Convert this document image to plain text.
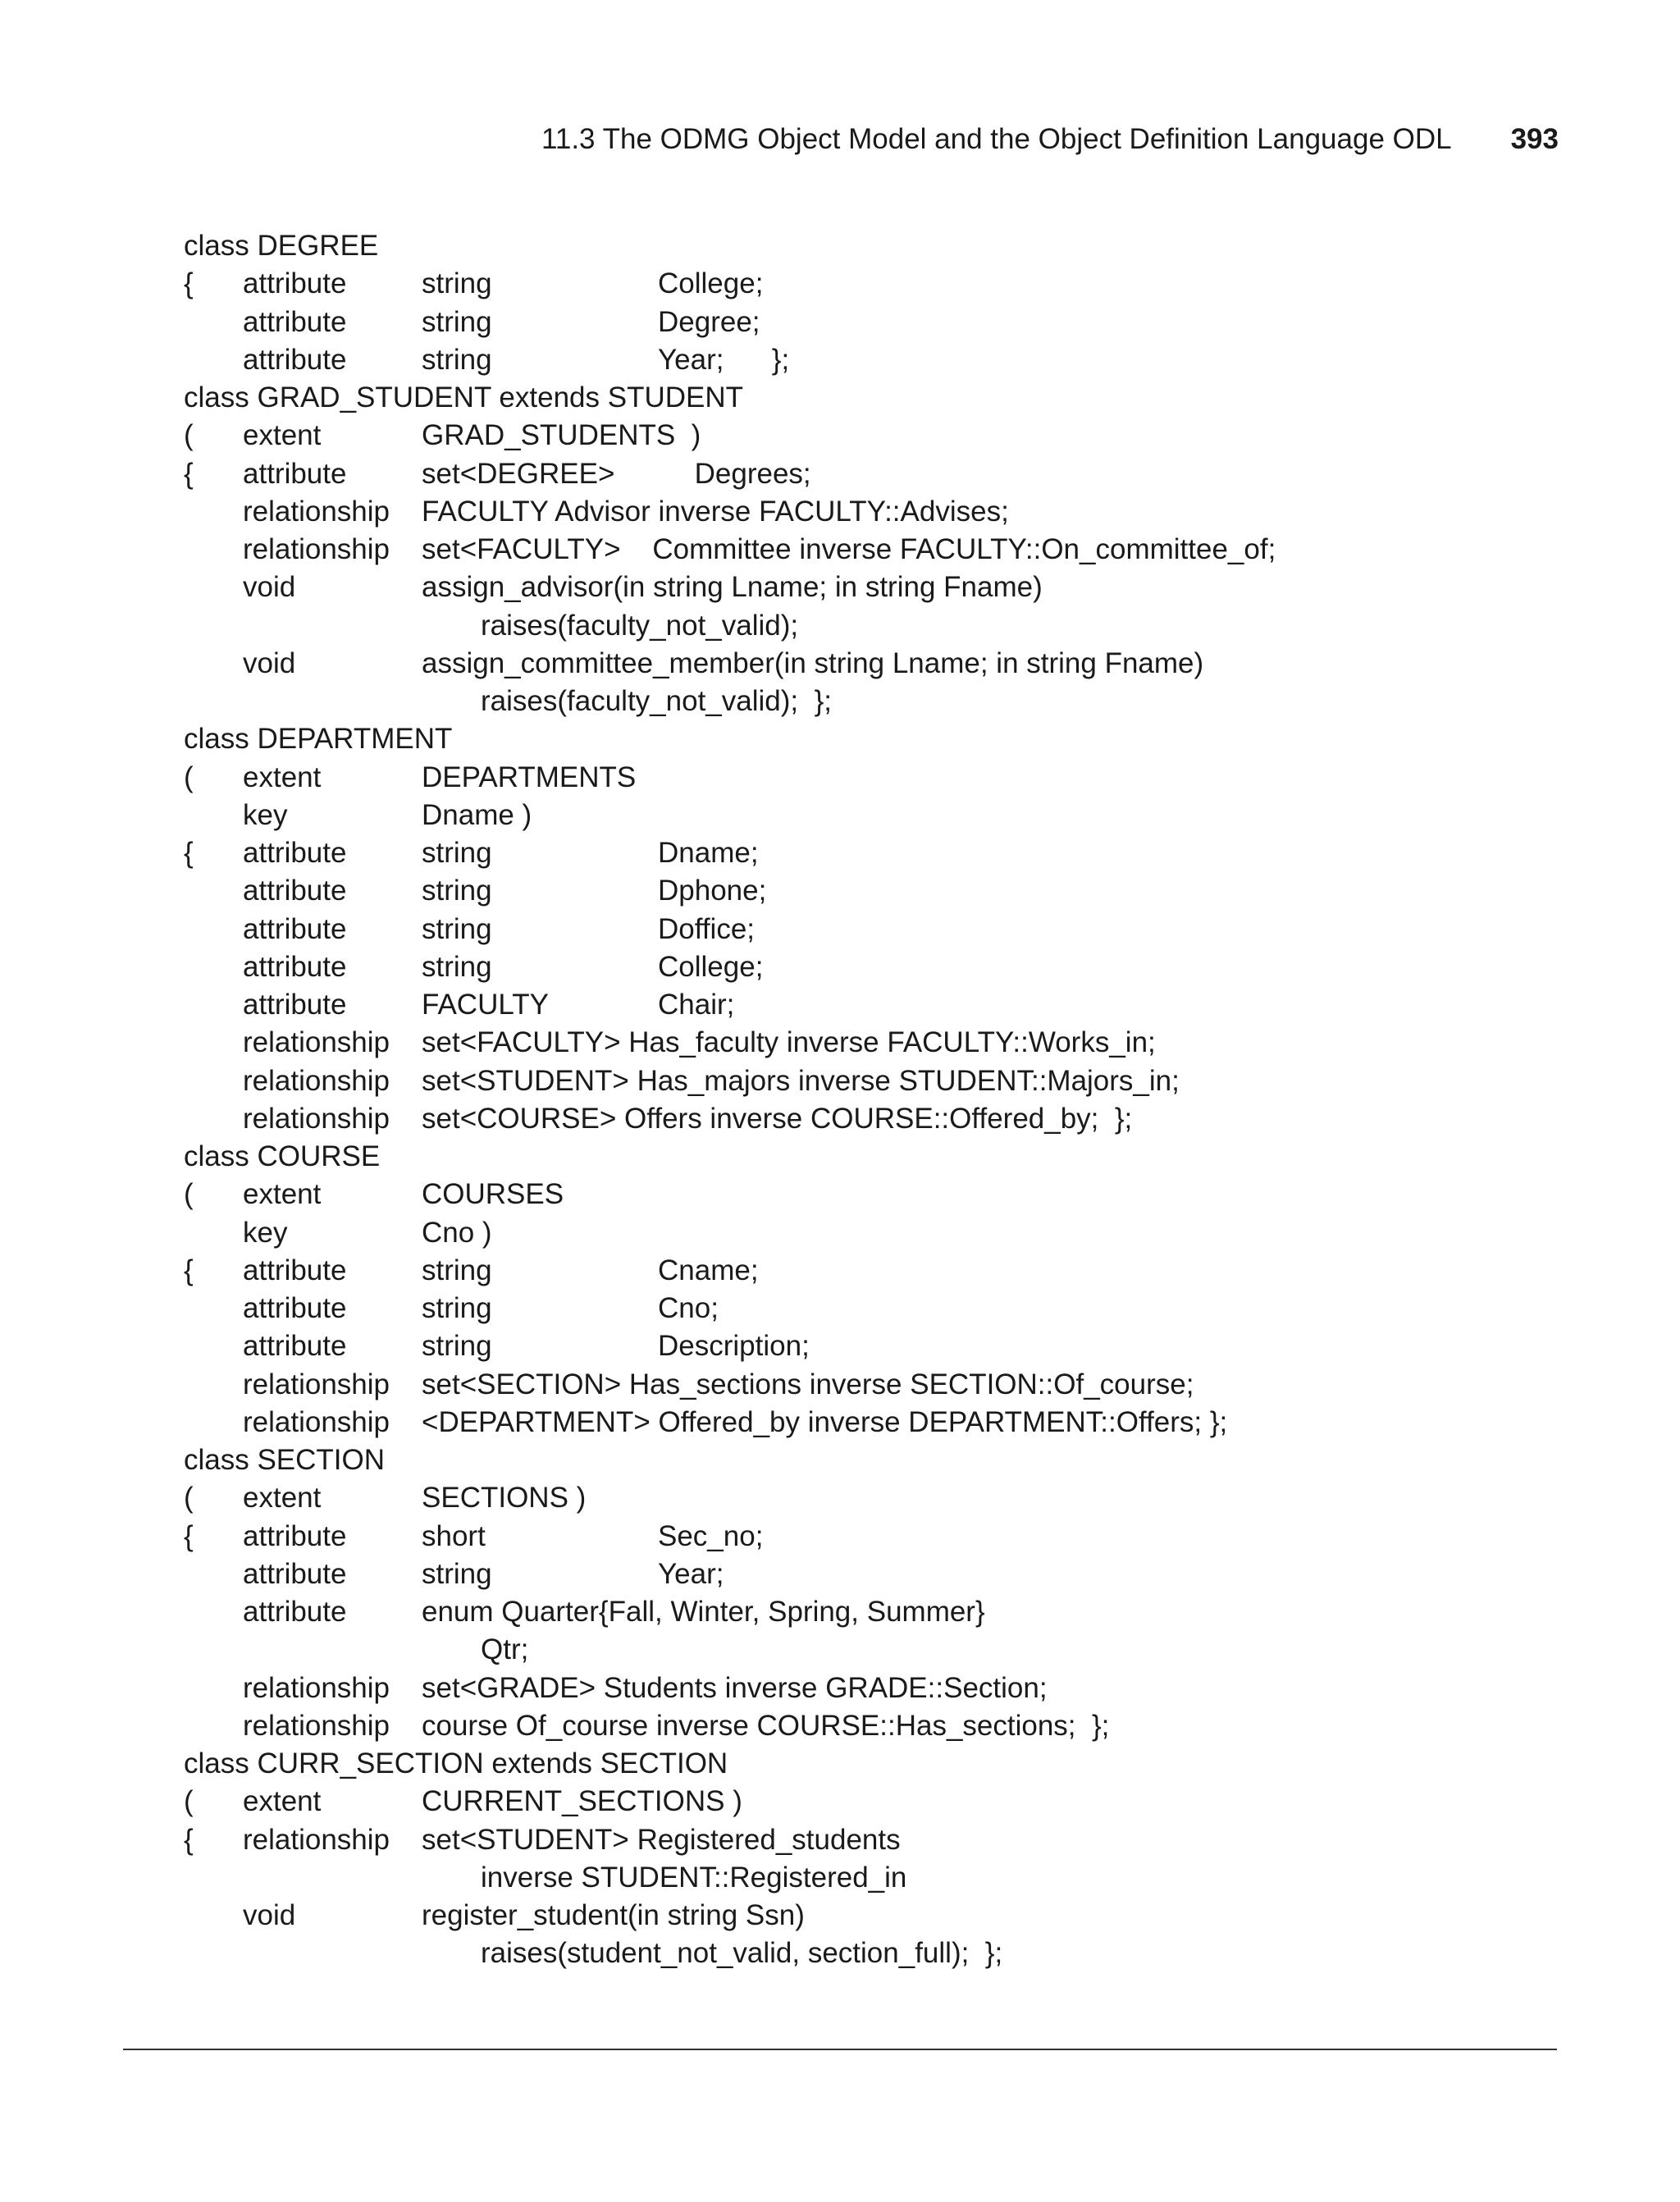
11.3 The ODMG Object Model and the Object Definition Language ODL 393
class DEGREE
{ attribute	string	College;
attribute	string	Degree;
attribute	string	Year;      };
class GRAD_STUDENT extends STUDENT
( extent	GRAD_STUDENTS  )
{ attribute	set<DEGREE>          Degrees;
relationship FACULTY Advisor inverse FACULTY::Advises;
relationship set<FACULTY>    Committee inverse FACULTY::On_committee_of;
void	assign_advisor(in string Lname; in string Fname)
raises(faculty_not_valid);
void	assign_committee_member(in string Lname; in string Fname)
raises(faculty_not_valid);  };
class DEPARTMENT
( extent	DEPARTMENTS
key	Dname )
{ attribute	string	Dname;
attribute	string	Dphone;
attribute	string	Doffice;
attribute	string	College;
attribute	FACULTY	Chair;
relationship set<FACULTY> Has_faculty inverse FACULTY::Works_in;
relationship set<STUDENT> Has_majors inverse STUDENT::Majors_in;
relationship set<COURSE> Offers inverse COURSE::Offered_by;  };
class COURSE
( extent	COURSES
key	Cno )
{ attribute	string	Cname;
attribute	string	Cno;
attribute	string	Description;
relationship set<SECTION> Has_sections inverse SECTION::Of_course;
relationship <DEPARTMENT> Offered_by inverse DEPARTMENT::Offers; };
class SECTION
( extent	SECTIONS )
{ attribute	short	Sec_no;
attribute	string	Year;
attribute	enum Quarter{Fall, Winter, Spring, Summer}
Qtr;
relationship set<GRADE> Students inverse GRADE::Section;
relationship course Of_course inverse COURSE::Has_sections;  };
class CURR_SECTION extends SECTION
( extent	CURRENT_SECTIONS )
{ relationship set<STUDENT> Registered_students
inverse STUDENT::Registered_in
void	register_student(in string Ssn)
raises(student_not_valid, section_full);  };
